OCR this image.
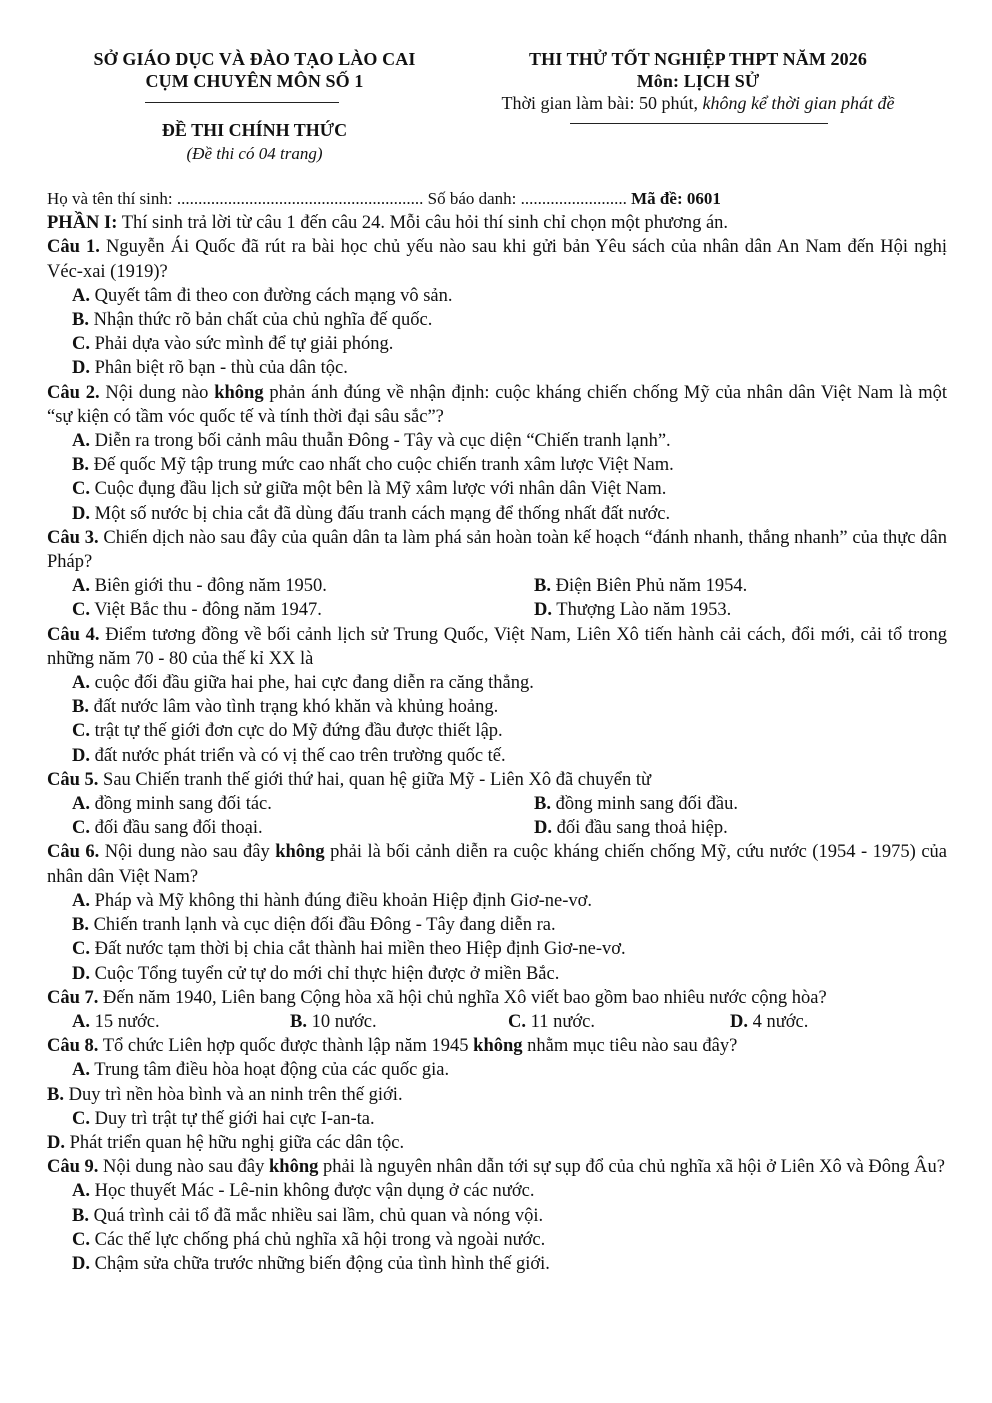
SỞ GIÁO DỤC VÀ ĐÀO TẠO LÀO CAI
CỤM CHUYÊN MÔN SỐ 1
ĐỀ THI CHÍNH THỨC
(Đề thi có 04 trang)
THI THỬ TỐT NGHIỆP THPT NĂM 2026
Môn: LỊCH SỬ
Thời gian làm bài: 50 phút, không kể thời gian phát đề
Họ và tên thí sinh: .......................................................... Số báo danh: ......................... Mã đề: 0601
PHẦN I: Thí sinh trả lời từ câu 1 đến câu 24. Mỗi câu hỏi thí sinh chỉ chọn một phương án.
Câu 1. Nguyễn Ái Quốc đã rút ra bài học chủ yếu nào sau khi gửi bản Yêu sách của nhân dân An Nam đến Hội nghị Véc-xai (1919)?
A. Quyết tâm đi theo con đường cách mạng vô sản.
B. Nhận thức rõ bản chất của chủ nghĩa đế quốc.
C. Phải dựa vào sức mình để tự giải phóng.
D. Phân biệt rõ bạn - thù của dân tộc.
Câu 2. Nội dung nào không phản ánh đúng về nhận định: cuộc kháng chiến chống Mỹ của nhân dân Việt Nam là một “sự kiện có tầm vóc quốc tế và tính thời đại sâu sắc”?
A. Diễn ra trong bối cảnh mâu thuẫn Đông - Tây và cục diện “Chiến tranh lạnh”.
B. Đế quốc Mỹ tập trung mức cao nhất cho cuộc chiến tranh xâm lược Việt Nam.
C. Cuộc đụng đầu lịch sử giữa một bên là Mỹ xâm lược với nhân dân Việt Nam.
D. Một số nước bị chia cắt đã dùng đấu tranh cách mạng để thống nhất đất nước.
Câu 3. Chiến dịch nào sau đây của quân dân ta làm phá sản hoàn toàn kế hoạch “đánh nhanh, thắng nhanh” của thực dân Pháp?
A. Biên giới thu - đông năm 1950.	B. Điện Biên Phủ năm 1954.
C. Việt Bắc thu - đông năm 1947.	D. Thượng Lào năm 1953.
Câu 4. Điểm tương đồng về bối cảnh lịch sử Trung Quốc, Việt Nam, Liên Xô tiến hành cải cách, đổi mới, cải tổ trong những năm 70 - 80 của thế kỉ XX là
A. cuộc đối đầu giữa hai phe, hai cực đang diễn ra căng thẳng.
B. đất nước lâm vào tình trạng khó khăn và khủng hoảng.
C. trật tự thế giới đơn cực do Mỹ đứng đầu được thiết lập.
D. đất nước phát triển và có vị thế cao trên trường quốc tế.
Câu 5. Sau Chiến tranh thế giới thứ hai, quan hệ giữa Mỹ - Liên Xô đã chuyển từ
A. đồng minh sang đối tác.	B. đồng minh sang đối đầu.
C. đối đầu sang đối thoại.	D. đối đầu sang thoả hiệp.
Câu 6. Nội dung nào sau đây không phải là bối cảnh diễn ra cuộc kháng chiến chống Mỹ, cứu nước (1954 - 1975) của nhân dân Việt Nam?
A. Pháp và Mỹ không thi hành đúng điều khoản Hiệp định Giơ-ne-vơ.
B. Chiến tranh lạnh và cục diện đối đầu Đông - Tây đang diễn ra.
C. Đất nước tạm thời bị chia cắt thành hai miền theo Hiệp định Giơ-ne-vơ.
D. Cuộc Tổng tuyển cử tự do mới chỉ thực hiện được ở miền Bắc.
Câu 7. Đến năm 1940, Liên bang Cộng hòa xã hội chủ nghĩa Xô viết bao gồm bao nhiêu nước cộng hòa?
A. 15 nước.	B. 10 nước.	C. 11 nước.	D. 4 nước.
Câu 8. Tổ chức Liên hợp quốc được thành lập năm 1945 không nhằm mục tiêu nào sau đây?
A. Trung tâm điều hòa hoạt động của các quốc gia.
B. Duy trì nền hòa bình và an ninh trên thế giới.
C. Duy trì trật tự thế giới hai cực I-an-ta.
D. Phát triển quan hệ hữu nghị giữa các dân tộc.
Câu 9. Nội dung nào sau đây không phải là nguyên nhân dẫn tới sự sụp đổ của chủ nghĩa xã hội ở Liên Xô và Đông Âu?
A. Học thuyết Mác - Lê-nin không được vận dụng ở các nước.
B. Quá trình cải tổ đã mắc nhiều sai lầm, chủ quan và nóng vội.
C. Các thế lực chống phá chủ nghĩa xã hội trong và ngoài nước.
D. Chậm sửa chữa trước những biến động của tình hình thế giới.
